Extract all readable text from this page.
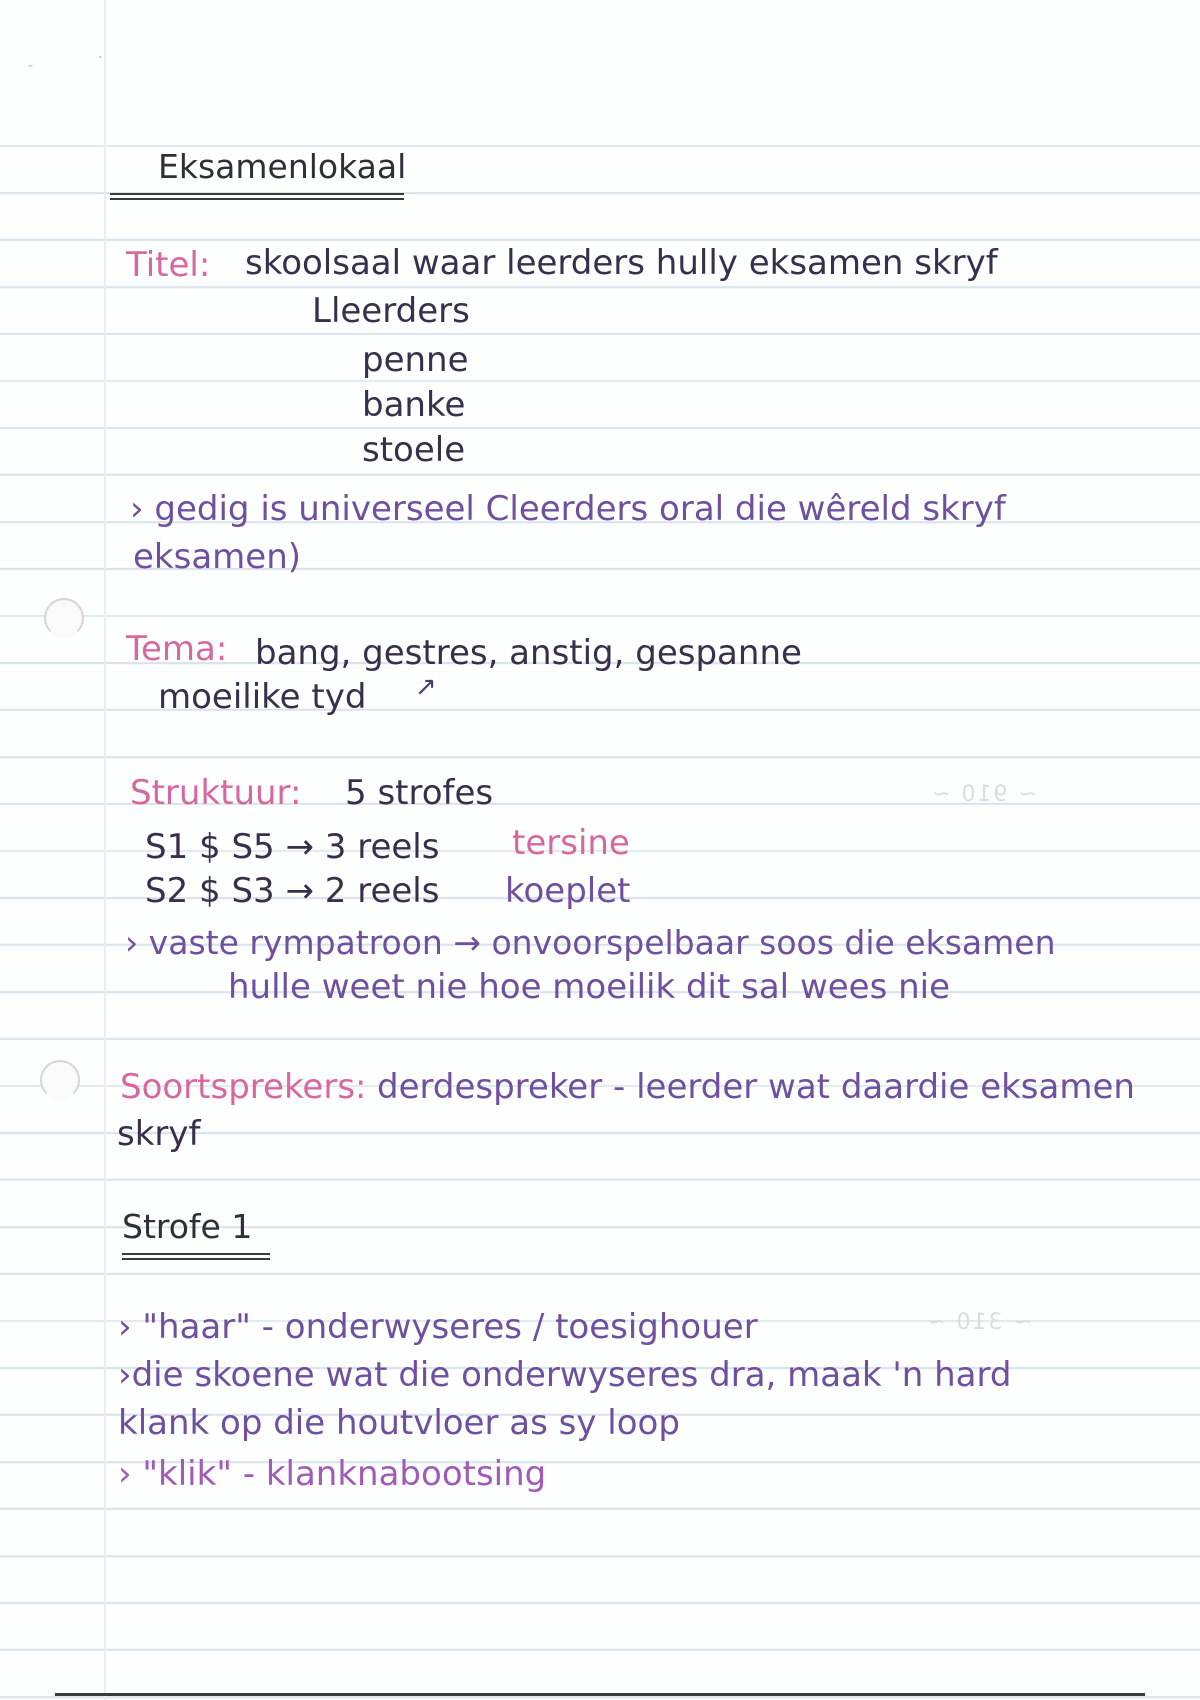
-	·
~ 910 ~
~ 310 ~
Eksamenlokaal
Titel: skoolsaal waar leerders hully eksamen skryf
Lleerders
penne
banke
stoele
› gedig is universeel Cleerders oral die wêreld skryf
eksamen)
Tema: bang, gestres, anstig, gespanne
moeilike tyd ↗
Struktuur: 5 strofes
S1 $ S5 → 3 reels tersine
S2 $ S3 → 2 reels koeplet
› vaste rympatroon → onvoorspelbaar soos die eksamen
hulle weet nie hoe moeilik dit sal wees nie
Soortsprekers: derdespreker - leerder wat daardie eksamen
skryf
Strofe 1
› "haar" - onderwyseres / toesighouer
›die skoene wat die onderwyseres dra, maak 'n hard
klank op die houtvloer as sy loop
› "klik" - klanknabootsing
